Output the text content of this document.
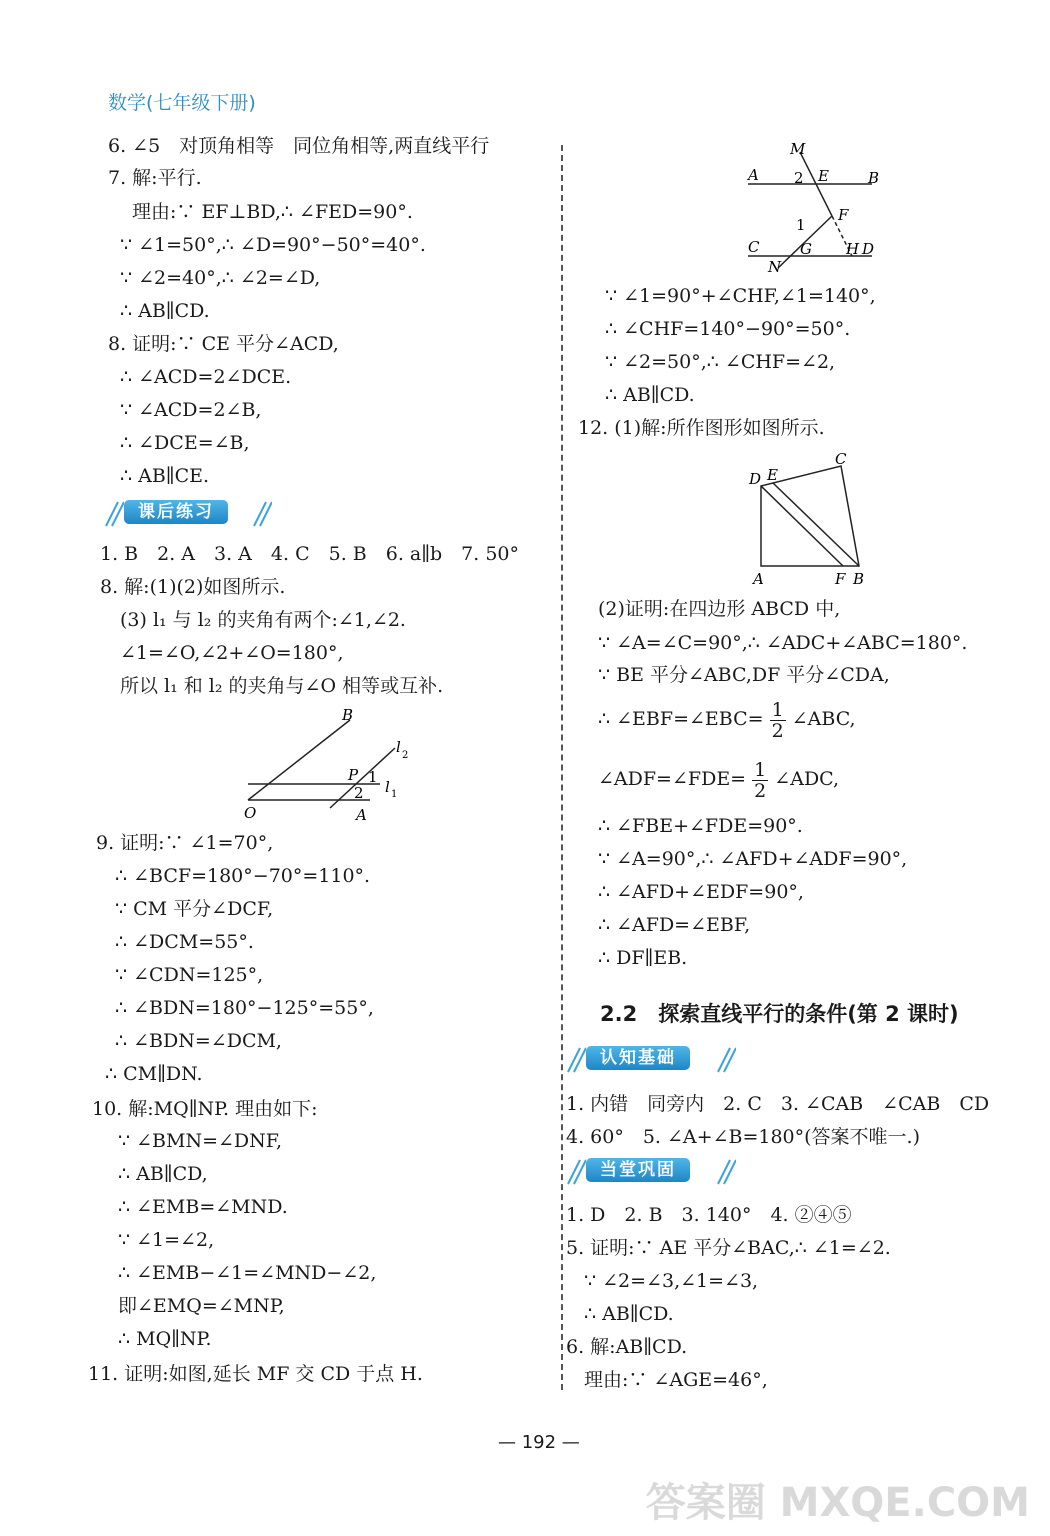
数学(七年级下册)
6. ∠5　对顶角相等　同位角相等,两直线平行
7. 解:平行.
理由:∵ EF⊥BD,∴ ∠FED=90°.
∵ ∠1=50°,∴ ∠D=90°−50°=40°.
∵ ∠2=40°,∴ ∠2=∠D,
∴ AB∥CD.
8. 证明:∵ CE 平分∠ACD,
∴ ∠ACD=2∠DCE.
∵ ∠ACD=2∠B,
∴ ∠DCE=∠B,
∴ AB∥CE.
课后练习
1. B　2. A　3. A　4. C　5. B　6. a∥b　7. 50°
8. 解:(1)(2)如图所示.
(3) l₁ 与 l₂ 的夹角有两个:∠1,∠2.
∠1=∠O,∠2+∠O=180°,
所以 l₁ 和 l₂ 的夹角与∠O 相等或互补.
B
l 2
P 1
l 1
2
O	A
9. 证明:∵ ∠1=70°,
∴ ∠BCF=180°−70°=110°.
∵ CM 平分∠DCF,
∴ ∠DCM=55°.
∵ ∠CDN=125°,
∴ ∠BDN=180°−125°=55°,
∴ ∠BDN=∠DCM,
∴ CM∥DN.
10. 解:MQ∥NP. 理由如下:
∵ ∠BMN=∠DNF,
∴ AB∥CD,
∴ ∠EMB=∠MND.
∵ ∠1=∠2,
∴ ∠EMB−∠1=∠MND−∠2,
即∠EMQ=∠MNP,
∴ MQ∥NP.
11. 证明:如图,延长 MF 交 CD 于点 H.
M
A 2 E	B
1
F
C	G H D
N
∵ ∠1=90°+∠CHF,∠1=140°,
∴ ∠CHF=140°−90°=50°.
∵ ∠2=50°,∴ ∠CHF=∠2,
∴ AB∥CD.
12. (1)解:所作图形如图所示.
D E
C
A	F B
(2)证明:在四边形 ABCD 中,
∵ ∠A=∠C=90°,∴ ∠ADC+∠ABC=180°.
∵ BE 平分∠ABC,DF 平分∠CDA,
∴ ∠EBF=∠EBC= $\frac{1}{2}$ ∠ABC,
∠ADF=∠FDE= $\frac{1}{2}$ ∠ADC,
∴ ∠FBE+∠FDE=90°.
∵ ∠A=90°,∴ ∠AFD+∠ADF=90°,
∴ ∠AFD+∠EDF=90°,
∴ ∠AFD=∠EBF,
∴ DF∥EB.
2.2　探索直线平行的条件(第 2 课时)
认知基础
1. 内错　同旁内　2. C　3. ∠CAB　∠CAB　CD
4. 60°　5. ∠A+∠B=180°(答案不唯一.)
当堂巩固
1. D　2. B　3. 140°　4. ②④⑤
5. 证明:∵ AE 平分∠BAC,∴ ∠1=∠2.
∵ ∠2=∠3,∠1=∠3,
∴ AB∥CD.
6. 解:AB∥CD.
理由:∵ ∠AGE=46°,
— 192 —
答案圈 MXQE.COM
